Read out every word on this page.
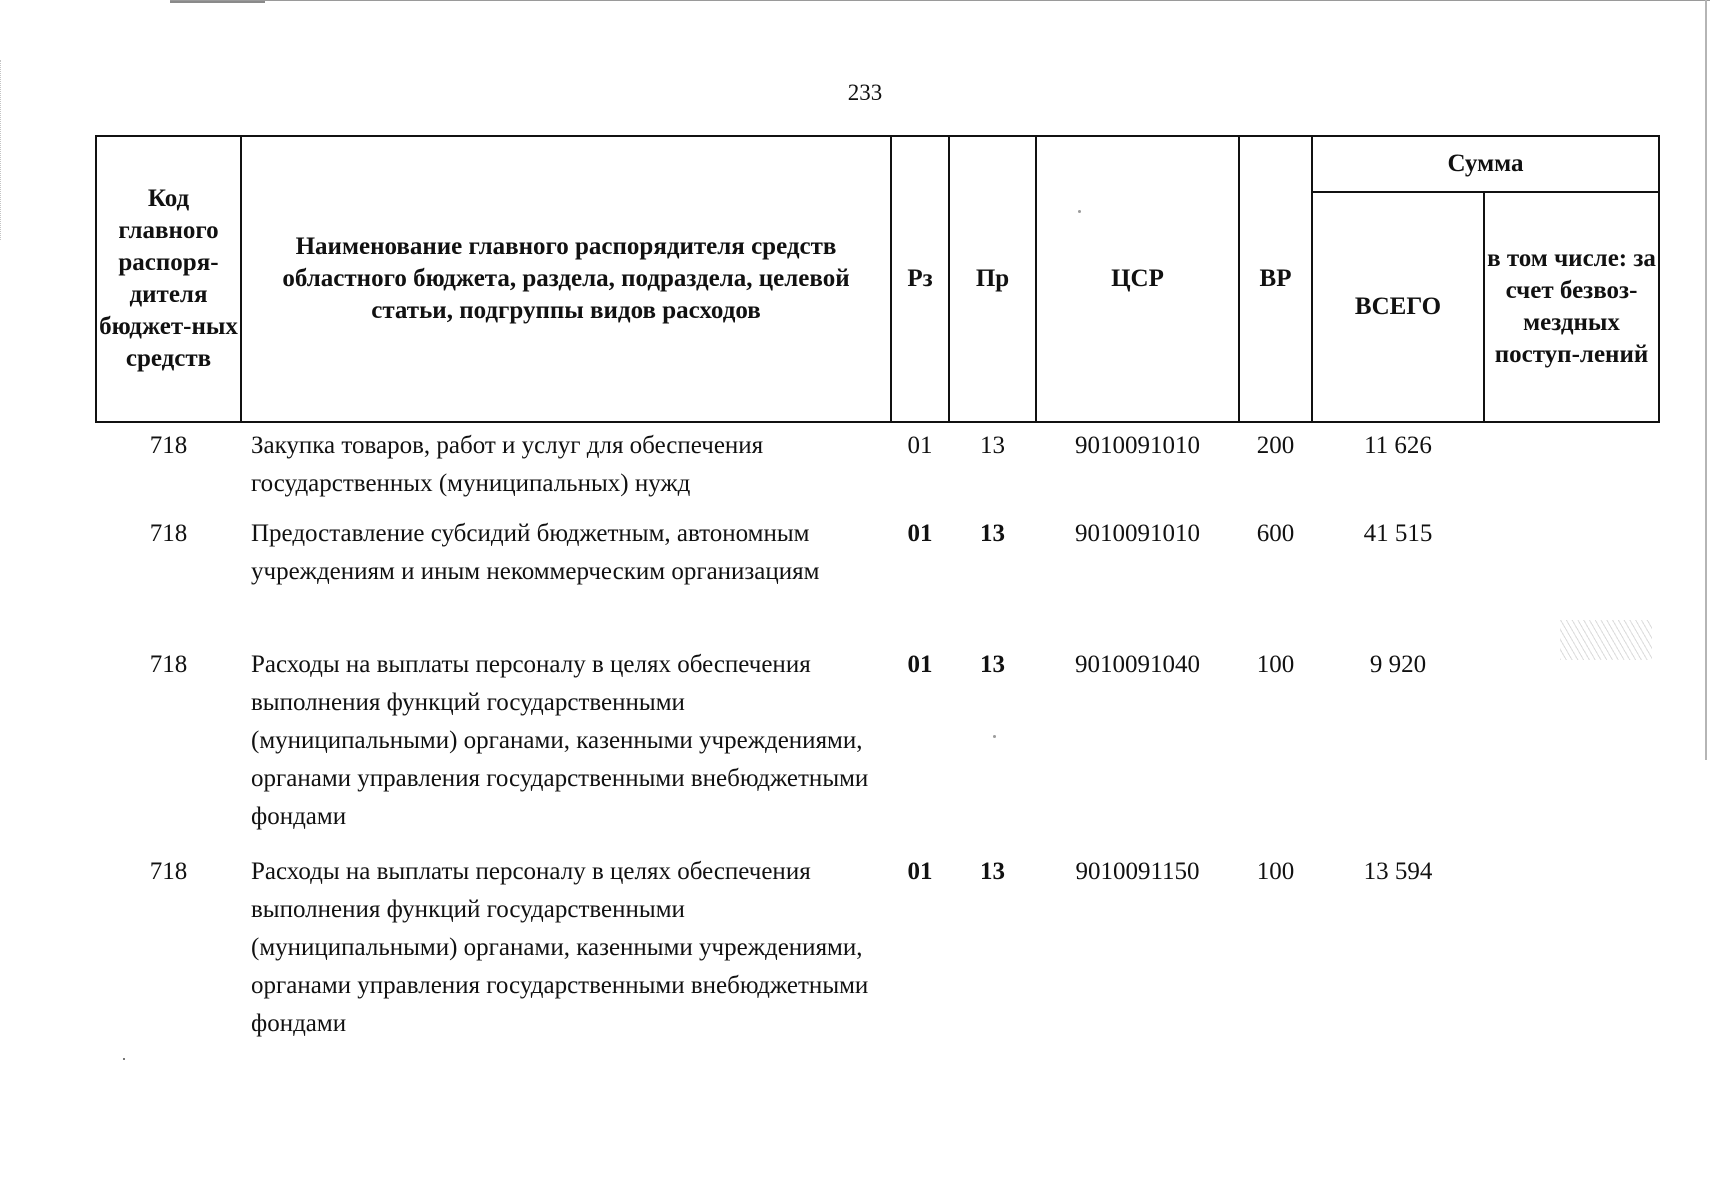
233
Код главного распоря-дителя бюджет-ных средств	Наименование главного распорядителя средств областного бюджета, раздела, подраздела, целевой статьи, подгруппы видов расходов	Рз	Пр	ЦСР	ВР	Сумма	
						ВСЕГО	в том числе: за счет безвоз-мездных поступ-лений
718	Закупка товаров, работ и услуг для обеспечения государственных (муниципальных) нужд	01	13	9010091010	200	11 626	
718	Предоставление субсидий бюджетным, автономным учреждениям и иным некоммерческим организациям	01	13	9010091010	600	41 515	
718	Расходы на выплаты персоналу в целях обеспечения выполнения функций государственными (муниципальными) органами, казенными учреждениями, органами управления государственными внебюджетными фондами	01	13	9010091040	100	9 920	
718	Расходы на выплаты персоналу в целях обеспечения выполнения функций государственными (муниципальными) органами, казенными учреждениями, органами управления государственными внебюджетными фондами	01	13	9010091150	100	13 594	
